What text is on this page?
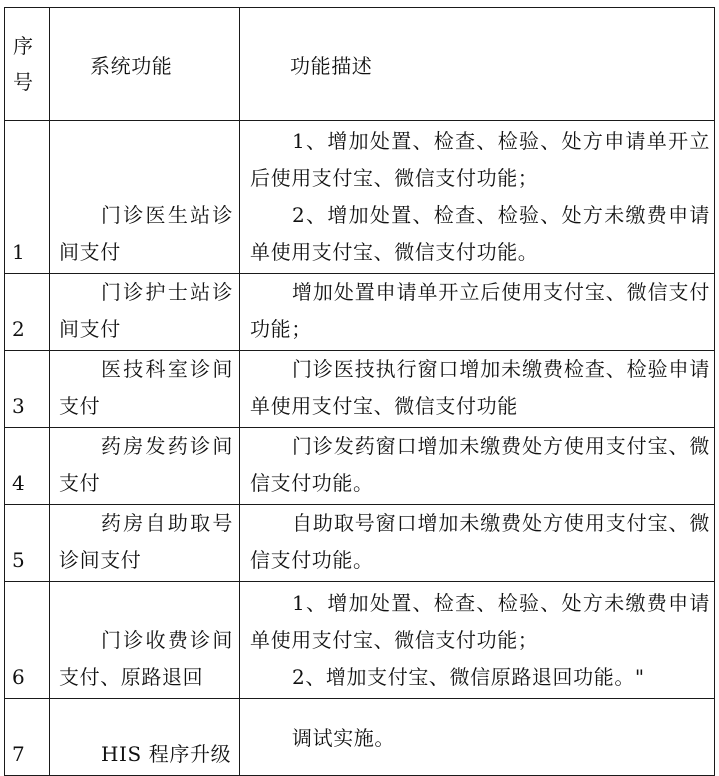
序号	系统功能	功能描述
1	门诊医生站诊间支付	1、增加处置、检查、检验、处方申请单开立后使用支付宝、微信支付功能；
2、增加处置、检查、检验、处方未缴费申请单使用支付宝、微信支付功能。

2	门诊护士站诊间支付	增加处置申请单开立后使用支付宝、微信支付功能；

3	医技科室诊间支付	门诊医技执行窗口增加未缴费检查、检验申请单使用支付宝、微信支付功能

4	药房发药诊间支付	门诊发药窗口增加未缴费处方使用支付宝、微信支付功能。

5	药房自助取号诊间支付	自助取号窗口增加未缴费处方使用支付宝、微信支付功能。

6	门诊收费诊间支付、原路退回	1、增加处置、检查、检验、处方未缴费申请单使用支付宝、微信支付功能；
2、增加支付宝、微信原路退回功能。"

7	HIS 程序升级	调试实施。
